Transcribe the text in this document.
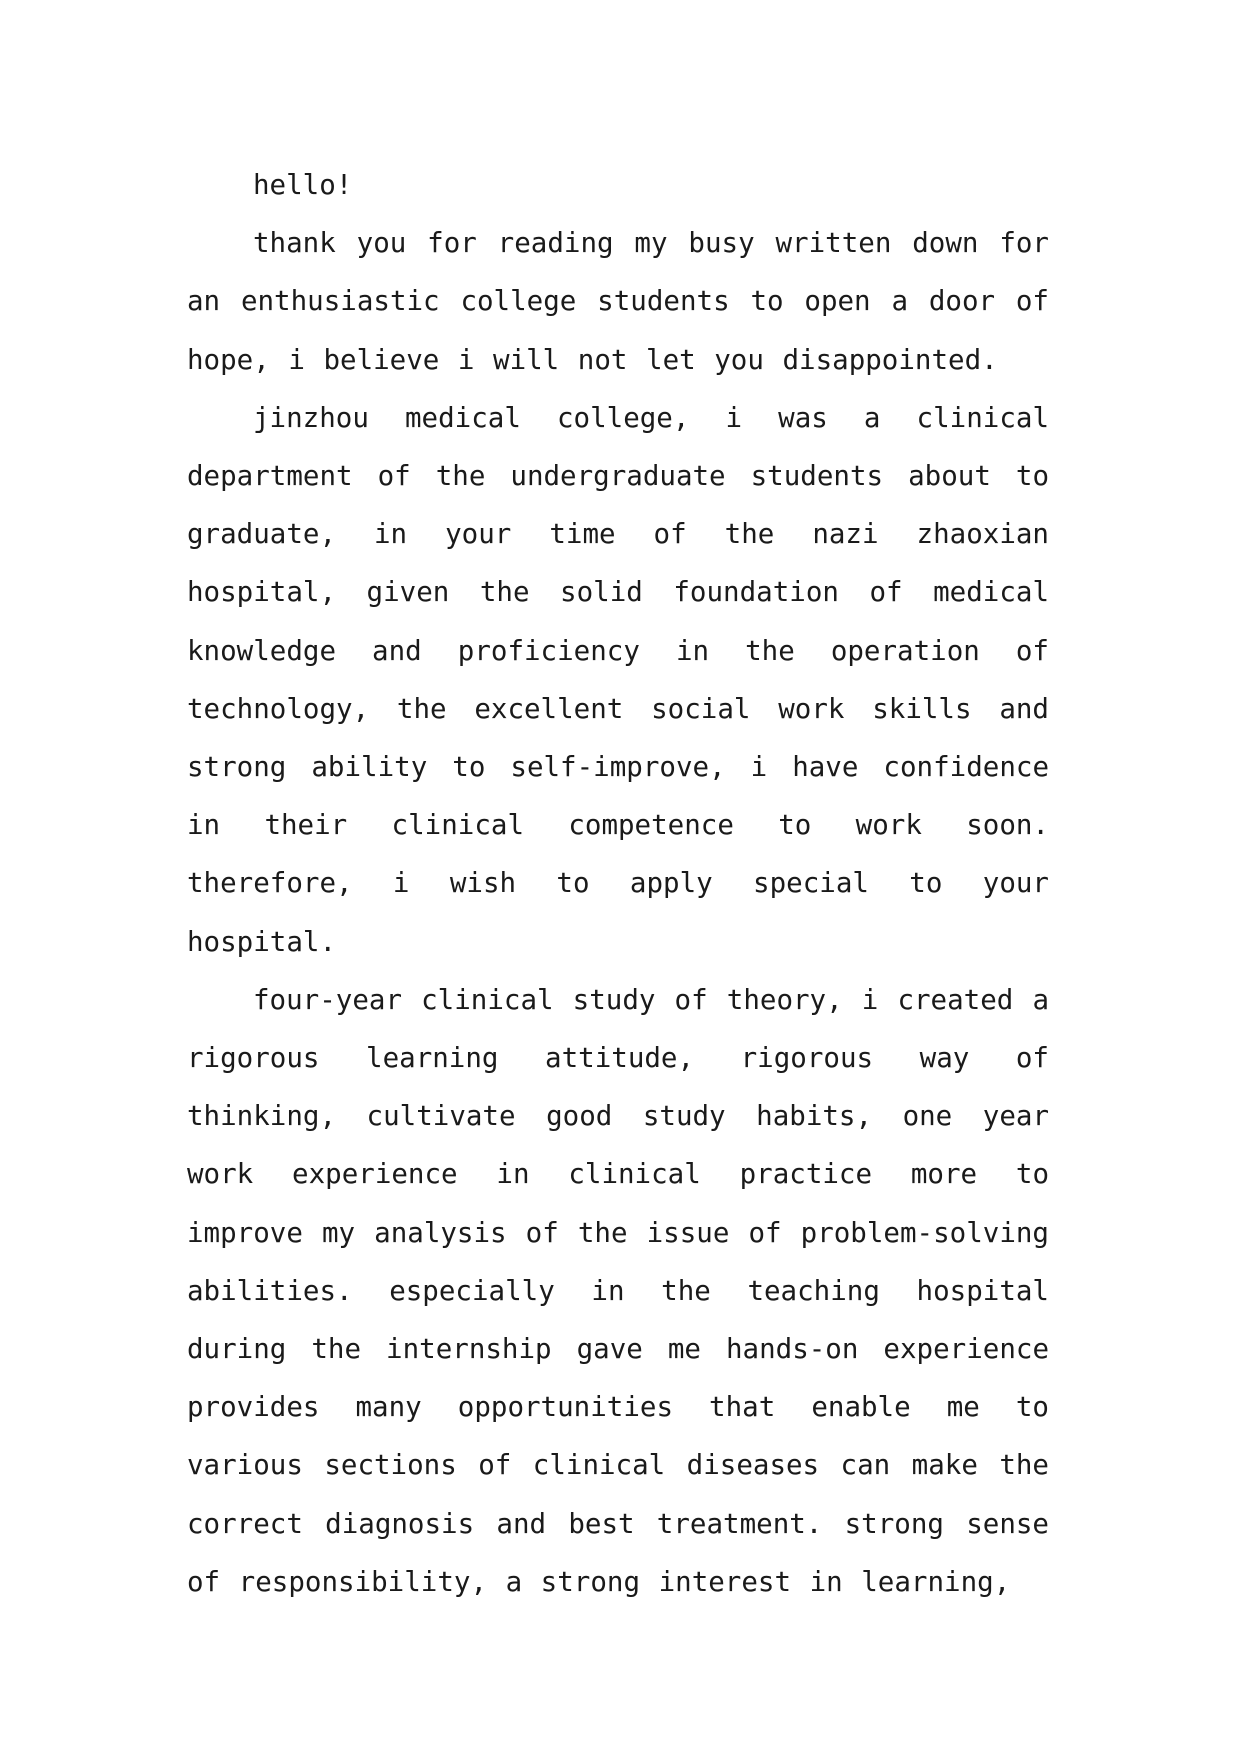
hello!

thank you for reading my busy written down for an enthusiastic college students to open a door of hope, i believe i will not let you disappointed.

jinzhou medical college, i was a clinical department of the undergraduate students about to graduate, in your time of the nazi zhaoxian hospital, given the solid foundation of medical knowledge and proficiency in the operation of technology, the excellent social work skills and strong ability to self-improve, i have confidence in their clinical competence to work soon. therefore, i wish to apply special to your hospital.

four-year clinical study of theory, i created a rigorous learning attitude, rigorous way of thinking, cultivate good study habits, one year work experience in clinical practice more to improve my analysis of the issue of problem-solving abilities. especially in the teaching hospital during the internship gave me hands-on experience provides many opportunities that enable me to various sections of clinical diseases can make the correct diagnosis and best treatment. strong sense of responsibility, a strong interest in learning,
